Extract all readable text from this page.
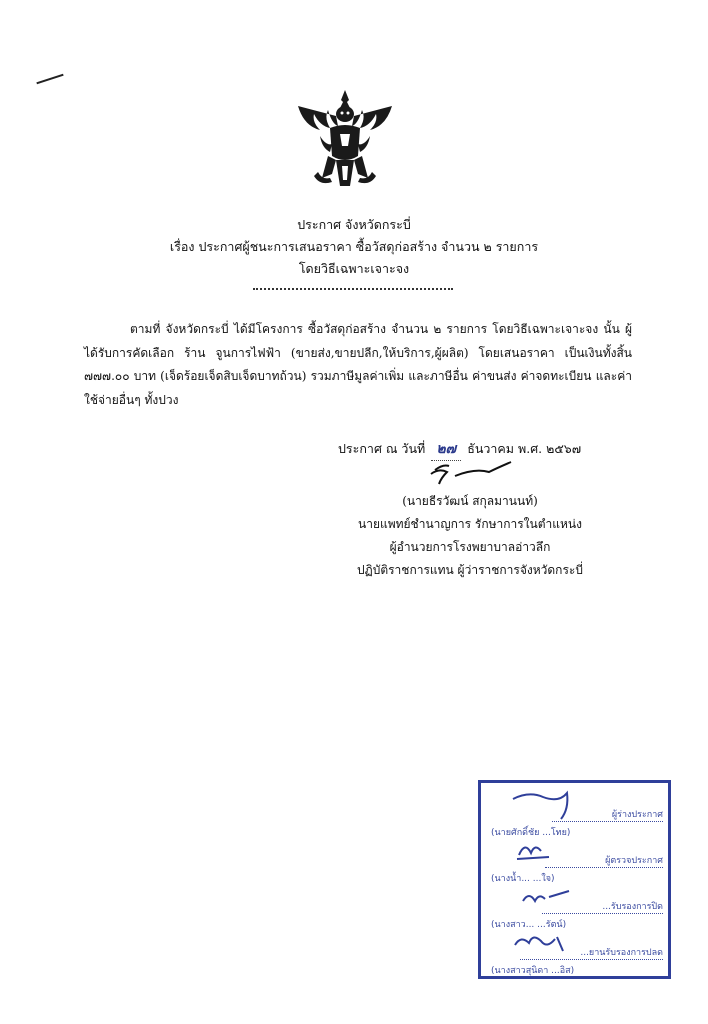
ประกาศ จังหวัดกระบี่
เรื่อง ประกาศผู้ชนะการเสนอราคา ซื้อวัสดุก่อสร้าง จำนวน ๒ รายการ
โดยวิธีเฉพาะเจาะจง
ตามที่ จังหวัดกระบี่ ได้มีโครงการ ซื้อวัสดุก่อสร้าง จำนวน ๒ รายการ โดยวิธีเฉพาะเจาะจง นั้น ผู้ได้รับการคัดเลือก ร้าน จูนการไฟฟ้า (ขายส่ง,ขายปลีก,ให้บริการ,ผู้ผลิต) โดยเสนอราคา เป็นเงินทั้งสิ้น ๗๗๗.๐๐ บาท (เจ็ดร้อยเจ็ดสิบเจ็ดบาทถ้วน) รวมภาษีมูลค่าเพิ่ม และภาษีอื่น ค่าขนส่ง ค่าจดทะเบียน และค่าใช้จ่ายอื่นๆ ทั้งปวง
ประกาศ ณ วันที่ ๒๗ ธันวาคม พ.ศ. ๒๕๖๗
(นายธีรวัฒน์ สกุลมานนท์)
นายแพทย์ชำนาญการ รักษาการในตำแหน่ง
ผู้อำนวยการโรงพยาบาลอ่าวลึก
ปฏิบัติราชการแทน ผู้ว่าราชการจังหวัดกระบี่
ผู้ร่างประกาศ
(นายศักดิ์ชัย ...โทย)
ผู้ตรวจประกาศ
(นางน้ำ... ...ใจ)
...รับรองการปิด
(นางสาว... ...รัตน์)
...ยานรับรองการปลด
(นางสาวสุนิดา ...อิส)
